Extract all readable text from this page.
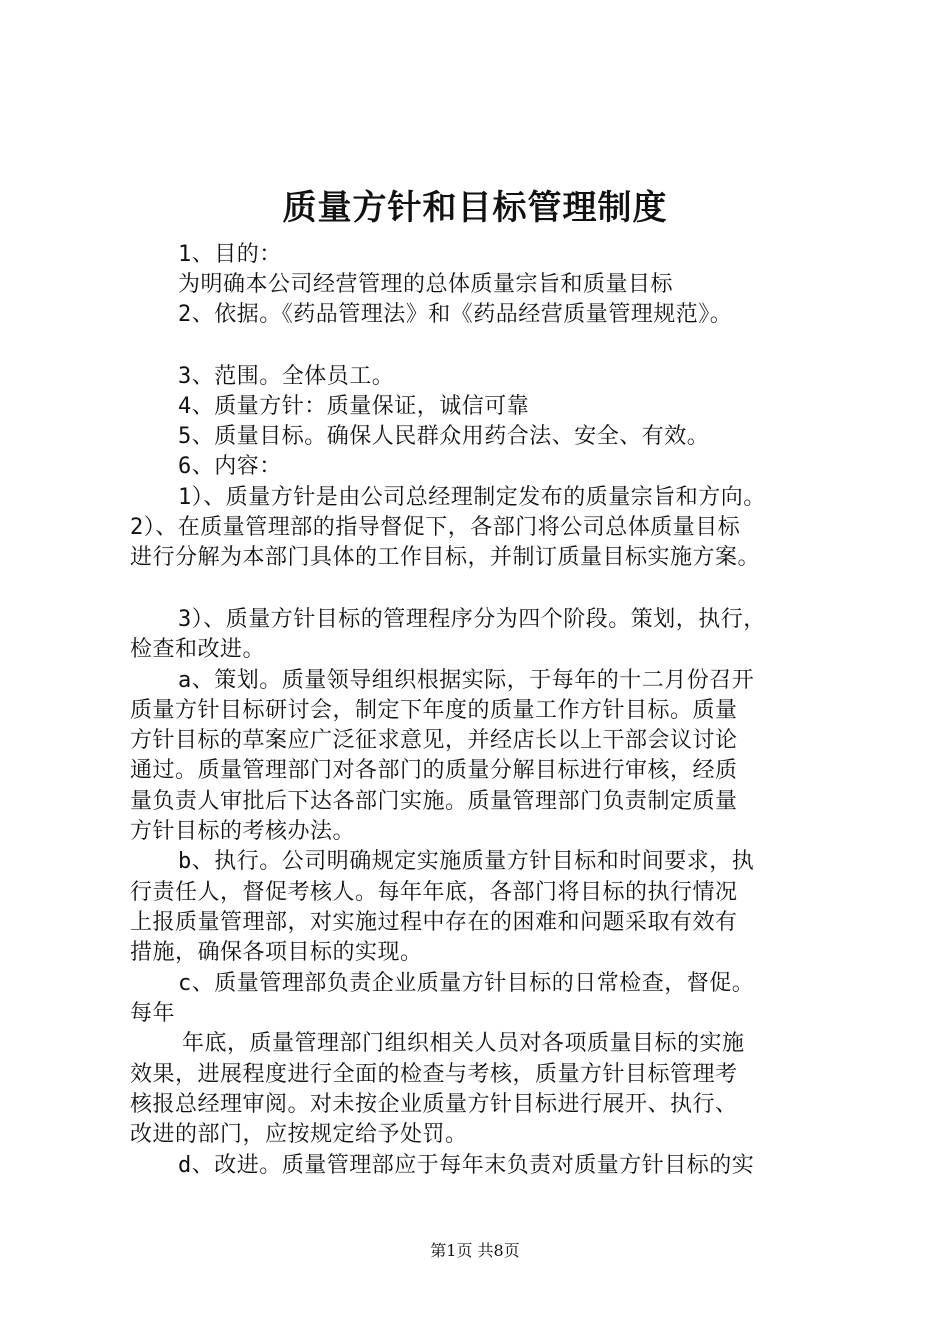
质量方针和目标管理制度
1、目的：
为明确本公司经营管理的总体质量宗旨和质量目标
2、依据。《药品管理法》和《药品经营质量管理规范》。
3、范围。全体员工。
4、质量方针：质量保证，诚信可靠
5、质量目标。确保人民群众用药合法、安全、有效。
6、内容：
1）、质量方针是由公司总经理制定发布的质量宗旨和方向。
2）、在质量管理部的指导督促下，各部门将公司总体质量目标
进行分解为本部门具体的工作目标，并制订质量目标实施方案。
3）、质量方针目标的管理程序分为四个阶段。策划，执行，
检查和改进。
a、策划。质量领导组织根据实际，于每年的十二月份召开
质量方针目标研讨会，制定下年度的质量工作方针目标。质量
方针目标的草案应广泛征求意见，并经店长以上干部会议讨论
通过。质量管理部门对各部门的质量分解目标进行审核，经质
量负责人审批后下达各部门实施。质量管理部门负责制定质量
方针目标的考核办法。
b、执行。公司明确规定实施质量方针目标和时间要求，执
行责任人，督促考核人。每年年底，各部门将目标的执行情况
上报质量管理部，对实施过程中存在的困难和问题采取有效有
措施，确保各项目标的实现。
c、质量管理部负责企业质量方针目标的日常检查，督促。
每年
年底，质量管理部门组织相关人员对各项质量目标的实施
效果，进展程度进行全面的检查与考核，质量方针目标管理考
核报总经理审阅。对未按企业质量方针目标进行展开、执行、
改进的部门，应按规定给予处罚。
d、改进。质量管理部应于每年末负责对质量方针目标的实
第1页 共8页
